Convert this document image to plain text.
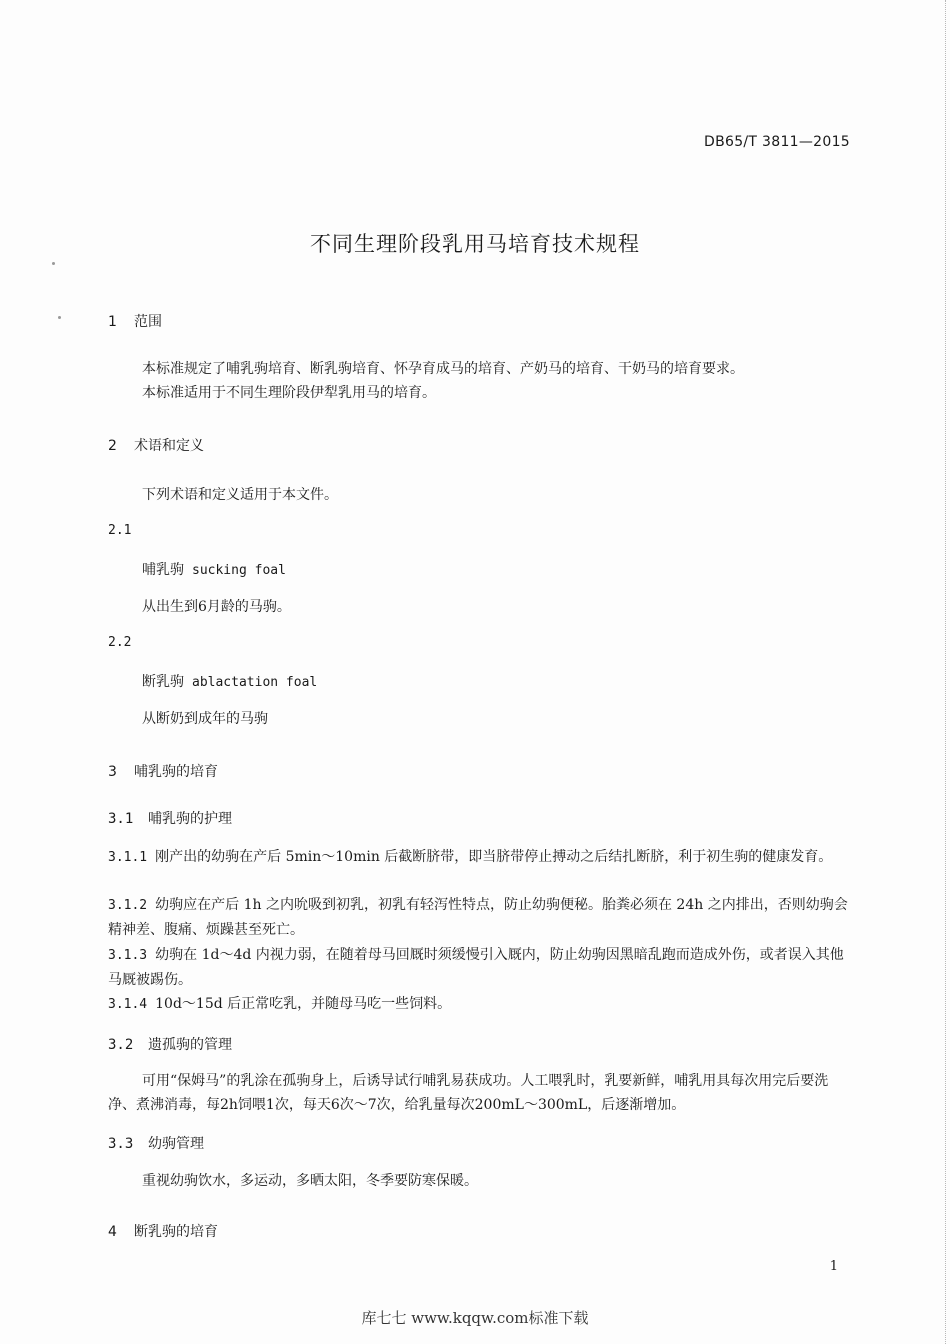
DB65/T 3811—2015
不同生理阶段乳用马培育技术规程
1 范围
本标准规定了哺乳驹培育、断乳驹培育、怀孕育成马的培育、产奶马的培育、干奶马的培育要求。
本标准适用于不同生理阶段伊犁乳用马的培育。
2 术语和定义
下列术语和定义适用于本文件。
2.1
哺乳驹 sucking foal
从出生到6月龄的马驹。
2.2
断乳驹 ablactation foal
从断奶到成年的马驹
3 哺乳驹的培育
3.1 哺乳驹的护理
3.1.1 刚产出的幼驹在产后 5min～10min 后截断脐带，即当脐带停止搏动之后结扎断脐，利于初生驹的健康发育。
3.1.2 幼驹应在产后 1h 之内吮吸到初乳，初乳有轻泻性特点，防止幼驹便秘。胎粪必须在 24h 之内排出，否则幼驹会精神差、腹痛、烦躁甚至死亡。
3.1.3 幼驹在 1d～4d 内视力弱，在随着母马回厩时须缓慢引入厩内，防止幼驹因黑暗乱跑而造成外伤，或者误入其他马厩被踢伤。
3.1.4 10d～15d 后正常吃乳，并随母马吃一些饲料。
3.2 遗孤驹的管理
可用“保姆马”的乳涂在孤驹身上，后诱导试行哺乳易获成功。人工喂乳时，乳要新鲜，哺乳用具每次用完后要洗净、煮沸消毒，每2h饲喂1次，每天6次～7次，给乳量每次200mL～300mL，后逐渐增加。
3.3 幼驹管理
重视幼驹饮水，多运动，多晒太阳，冬季要防寒保暖。
4 断乳驹的培育
1
库七七 www.kqqw.com标准下载
